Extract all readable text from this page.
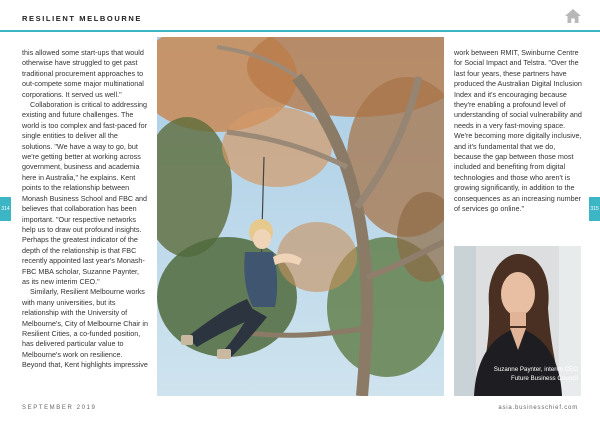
RESILIENT MELBOURNE

this allowed some start-ups that would otherwise have struggled to get past traditional procurement approaches to out-compete some major multinational corporations. It served us well."

Collaboration is critical to addressing existing and future challenges. The world is too complex and fast-paced for single entities to deliver all the solutions. "We have a way to go, but we're getting better at working across government, business and academia here in Australia," he explains. Kent points to the relationship between Monash Business School and FBC and believes that collaboration has been important. "Our respective networks help us to draw out profound insights. Perhaps the greatest indicator of the depth of the relationship is that FBC recently appointed last year's Monash-FBC MBA scholar, Suzanne Paynter, as its new interim CEO."

Similarly, Resilient Melbourne works with many universities, but its relationship with the University of Melbourne's, City of Melbourne Chair in Resilient Cities, a co-funded position, has delivered particular value to Melbourne's work on resilience. Beyond that, Kent highlights impressive

work between RMIT, Swinburne Centre for Social Impact and Telstra. "Over the last four years, these partners have produced the Australian Digital Inclusion Index and it's encouraging because they're enabling a profound level of understanding of social vulnerability and needs in a very fast-moving space. We're becoming more digitally inclusive, and it's fundamental that we do, because the gap between those most included and benefiting from digital technologies and those who aren't is growing significantly, in addition to the consequences as an increasing number of services go online."

Suzanne Paynter, interim CEO
Future Business Council
314	315
SEPTEMBER 2019	asia.businesschief.com
